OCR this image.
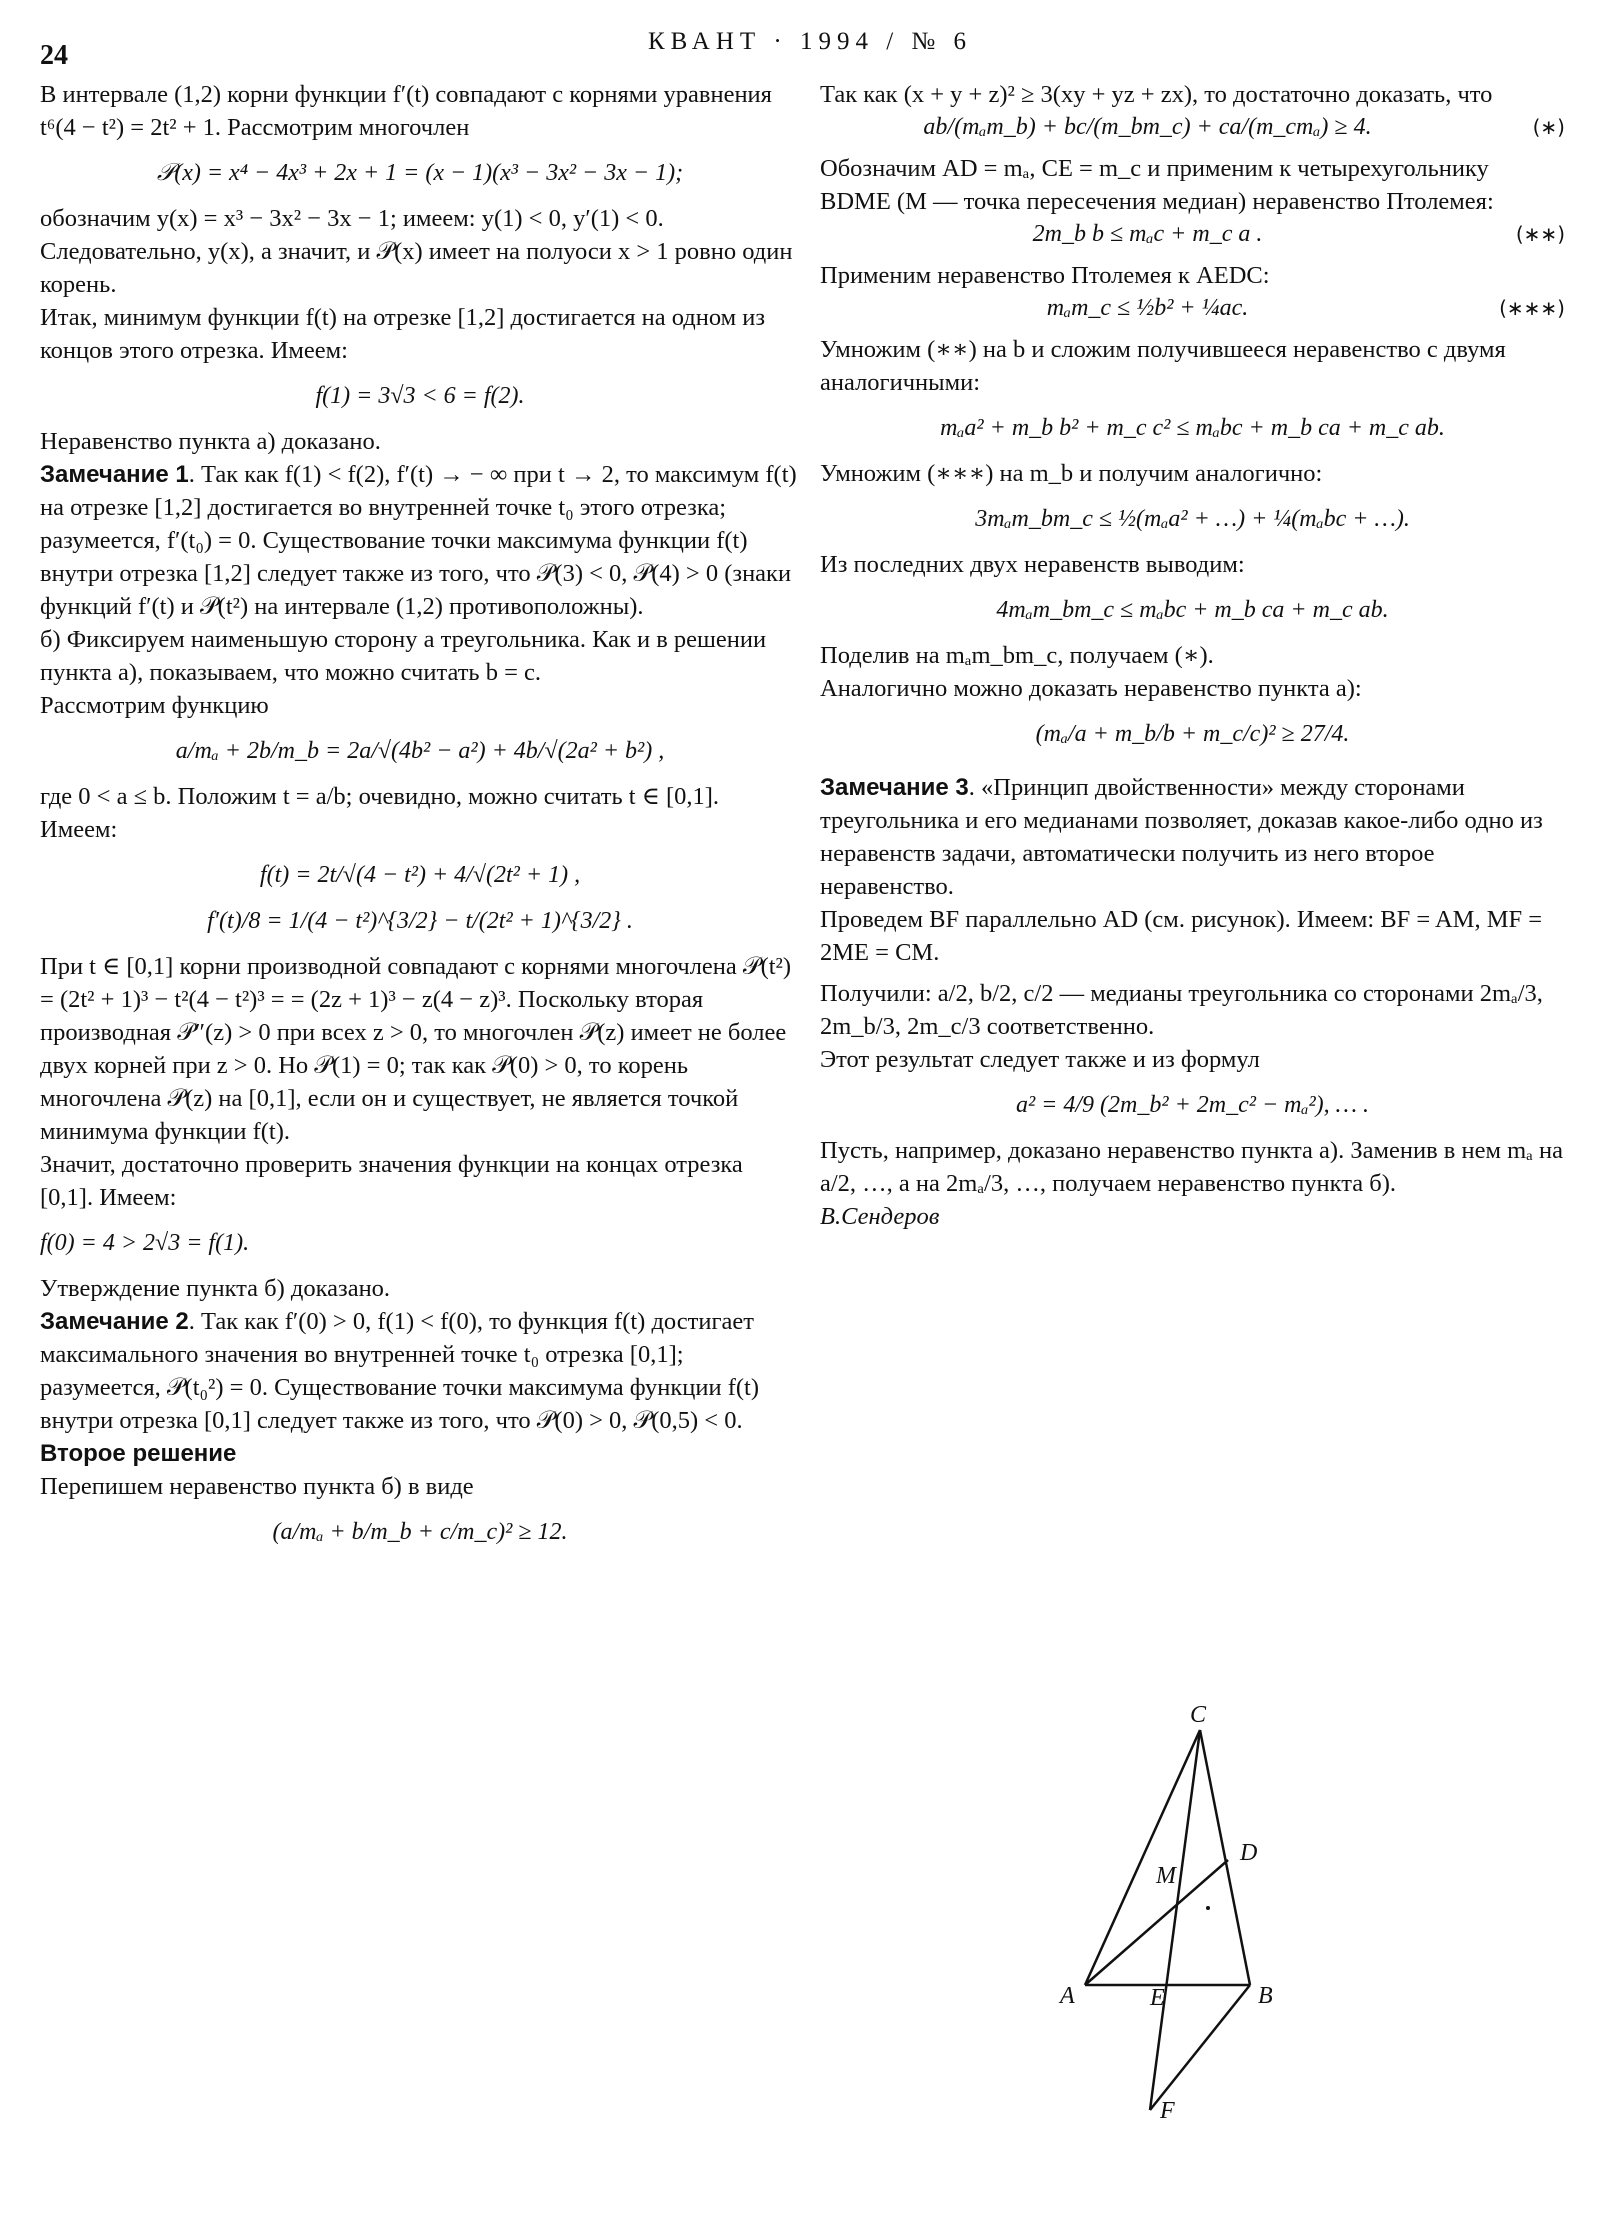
24	КВАНТ · 1994 / № 6

В интервале (1,2) корни функции f′(t) совпадают с корнями уравнения t⁶(4 − t²) = 2t² + 1. Рассмотрим многочлен

𝒫(x) = x⁴ − 4x³ + 2x + 1 = (x − 1)(x³ − 3x² − 3x − 1);

обозначим y(x) = x³ − 3x² − 3x − 1; имеем: y(1) < 0, y′(1) < 0. Следовательно, y(x), а значит, и 𝒫(x) имеет на полуоси x > 1 ровно один корень.

Итак, минимум функции f(t) на отрезке [1,2] достигается на одном из концов этого отрезка. Имеем:

f(1) = 3√3 < 6 = f(2).

Неравенство пункта а) доказано.

Замечание 1. Так как f(1) < f(2), f′(t) → − ∞ при t → 2, то максимум f(t) на отрезке [1,2] достигается во внутренней точке t₀ этого отрезка; разумеется, f′(t₀) = 0. Существование точки максимума функции f(t) внутри отрезка [1,2] следует также из того, что 𝒫(3) < 0, 𝒫(4) > 0 (знаки функций f′(t) и 𝒫(t²) на интервале (1,2) противоположны).

б) Фиксируем наименьшую сторону a треугольника. Как и в решении пункта а), показываем, что можно считать b = c.

Рассмотрим функцию

a/mₐ + 2b/m_b = 2a/√(4b² − a²) + 4b/√(2a² + b²) ,

где 0 < a ≤ b. Положим t = a/b; очевидно, можно считать t ∈ [0,1]. Имеем:

f(t) = 2t/√(4 − t²) + 4/√(2t² + 1) ,
f′(t)/8 = 1/(4 − t²)^{3/2} − t/(2t² + 1)^{3/2} .

При t ∈ [0,1] корни производной совпадают с корнями многочлена 𝒫(t²) = (2t² + 1)³ − t²(4 − t²)³ = = (2z + 1)³ − z(4 − z)³. Поскольку вторая производная 𝒫″(z) > 0 при всех z > 0, то многочлен 𝒫(z) имеет не более двух корней при z > 0. Но 𝒫(1) = 0; так как 𝒫(0) > 0, то корень многочлена 𝒫(z) на [0,1], если он и существует, не является точкой минимума функции f(t).

Значит, достаточно проверить значения функции на концах отрезка [0,1]. Имеем:

f(0) = 4 > 2√3 = f(1).

Утверждение пункта б) доказано.

Замечание 2. Так как f′(0) > 0, f(1) < f(0), то функция f(t) достигает максимального значения во внутренней точке t₀ отрезка [0,1]; разумеется, 𝒫(t₀²) = 0. Существование точки максимума функции f(t) внутри отрезка [0,1] следует также из того, что 𝒫(0) > 0, 𝒫(0,5) < 0.

Второе решение

Перепишем неравенство пункта б) в виде

(a/mₐ + b/m_b + c/m_c)² ≥ 12.

Так как (x + y + z)² ≥ 3(xy + yz + zx), то достаточно доказать, что

ab/(mₐm_b) + bc/(m_bm_c) + ca/(m_cmₐ) ≥ 4.	(∗)

Обозначим AD = mₐ, CE = m_c и применим к четырехугольнику BDME (M — точка пересечения медиан) неравенство Птолемея:

2m_b b ≤ mₐc + m_c a .	(∗∗)

Применим неравенство Птолемея к AEDC:

mₐm_c ≤ ½b² + ¼ac.	(∗∗∗)

Умножим (∗∗) на b и сложим получившееся неравенство с двумя аналогичными:

mₐa² + m_b b² + m_c c² ≤ mₐbc + m_b ca + m_c ab.

Умножим (∗∗∗) на m_b и получим аналогично:

3mₐm_bm_c ≤ ½(mₐa² + …) + ¼(mₐbc + …).

Из последних двух неравенств выводим:

4mₐm_bm_c ≤ mₐbc + m_b ca + m_c ab.

Поделив на mₐm_bm_c, получаем (∗).

Аналогично можно доказать неравенство пункта а):

(mₐ/a + m_b/b + m_c/c)² ≥ 27/4.

Замечание 3. «Принцип двойственности» между сторонами треугольника и его медианами позволяет, доказав какое-либо одно из неравенств задачи, автоматически получить из него второе неравенство.

Проведем BF параллельно AD (см. рисунок). Имеем: BF = AM, MF = 2ME = CM.

Получили: a/2, b/2, c/2 — медианы треугольника со сторонами 2mₐ/3, 2m_b/3, 2m_c/3 соответственно.

Этот результат следует также и из формул

a² = 4/9 (2m_b² + 2m_c² − mₐ²), … .

Пусть, например, доказано неравенство пункта а). Заменив в нем mₐ на a/2, …, a на 2mₐ/3, …, получаем неравенство пункта б).

В.Сендеров

C
D
M
A	E	B
F
